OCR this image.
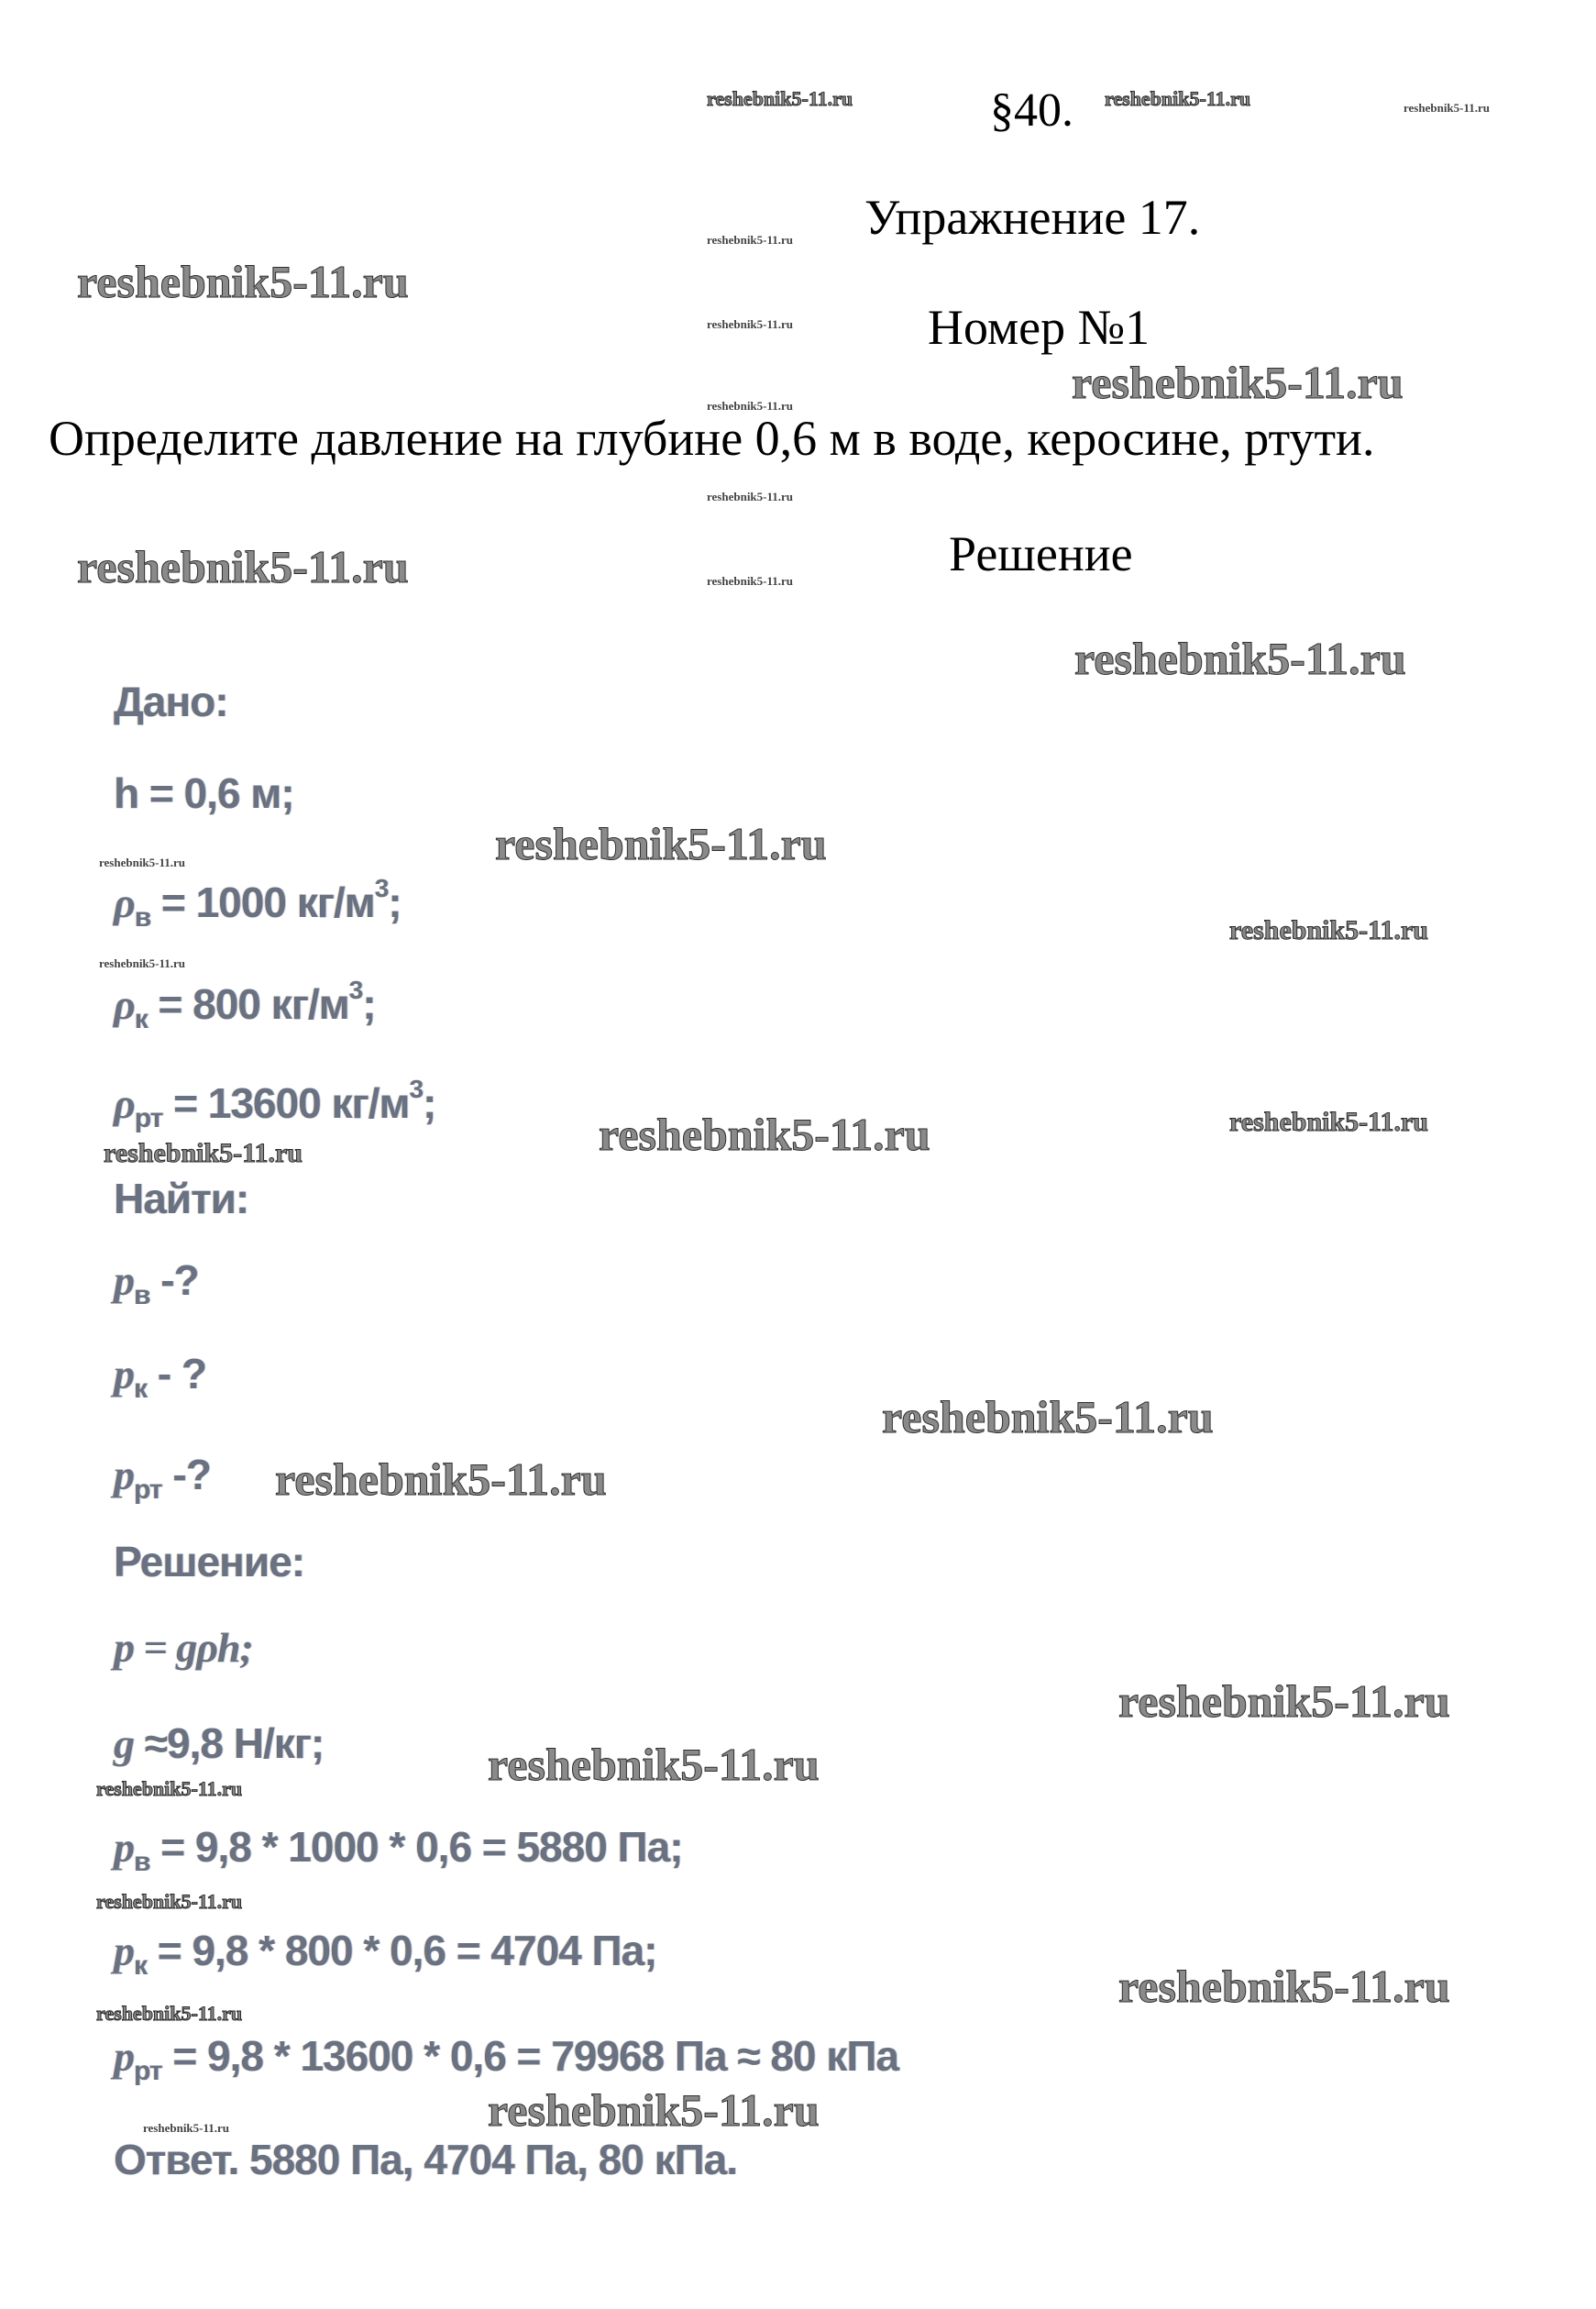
§40.
Упражнение 17.
Номер №1
Определите давление на глубине 0,6 м в воде, керосине, ртути.
Решение
Дано:
h = 0,6 м;
$\rho_в = 1000$ $кг/м^3$;
$\rho_к = 800$ $кг/м^3$;
$\rho_{рт} = 13600$ $кг/м^3$;
Найти:
$p_в$ -?
$p_к$ - ?
$p_{рт}$ -?
Решение:
p = gρh;
g ≈9,8 Н/кг;
$p_в = 9,8 * 1000 * 0,6 = 5880$ Па;
$p_к = 9,8 * 800 * 0,6 = 4704$ Па;
$p_{рт} = 9,8 * 13600 * 0,6 = 79968$ Па ≈ 80 кПа
Ответ. 5880 Па, 4704 Па, 80 кПа.
reshebnik5-11.ru	reshebnik5-11.ru	reshebnik5-11.ru
reshebnik5-11.ru
reshebnik5-11.ru
reshebnik5-11.ru
reshebnik5-11.ru
reshebnik5-11.ru
reshebnik5-11.ru
reshebnik5-11.ru
reshebnik5-11.ru
reshebnik5-11.ru
reshebnik5-11.ru
reshebnik5-11.ru
reshebnik5-11.ru
reshebnik5-11.ru
reshebnik5-11.ru	reshebnik5-11.ru
reshebnik5-11.ru
reshebnik5-11.ru
reshebnik5-11.ru
reshebnik5-11.ru
reshebnik5-11.ru
reshebnik5-11.ru
reshebnik5-11.ru
reshebnik5-11.ru
reshebnik5-11.ru
reshebnik5-11.ru
reshebnik5-11.ru
